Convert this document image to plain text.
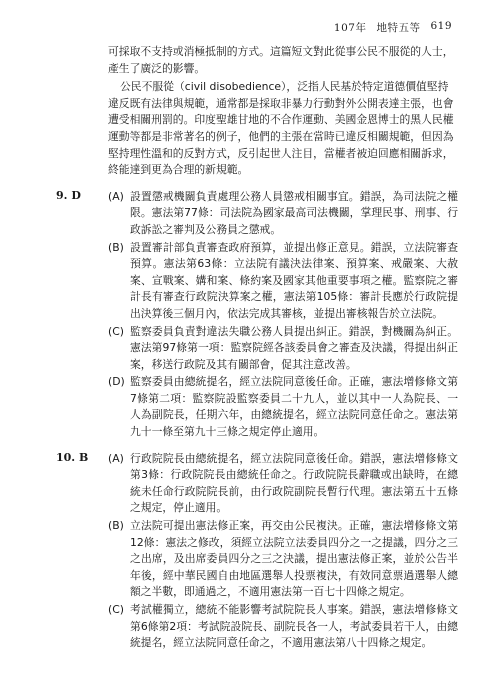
107年 地特五等 619

可採取不支持或消極抵制的方式。這篇短文對此從事公民不服從的人士，產生了廣泛的影響。

公民不服從（civil disobedience），泛指人民基於特定道德價值堅持違反既有法律與規範，通常都是採取非暴力行動對外公開表達主張，也會遭受相關刑罰的。印度聖雄甘地的不合作運動、美國金恩博士的黑人民權運動等都是非常著名的例子，他們的主張在當時已違反相關規範，但因為堅持理性溫和的反對方式，反引起世人注目，當權者被迫回應相關訴求，終能達到更為合理的新規範。

9. D	(A) 設置懲戒機關負責處理公務人員懲戒相關事宜。錯誤，為司法院之權限。憲法第77條：司法院為國家最高司法機關，掌理民事、刑事、行政訴訟之審判及公務員之懲戒。
(B) 設置審計部負責審查政府預算，並提出修正意見。錯誤，立法院審查預算。憲法第63條：立法院有議決法律案、預算案、戒嚴案、大赦案、宣戰案、媾和案、條約案及國家其他重要事項之權。監察院之審計長有審查行政院決算案之權，憲法第105條：審計長應於行政院提出決算後三個月內，依法完成其審核，並提出審核報告於立法院。
(C) 監察委員負責對違法失職公務人員提出糾正。錯誤，對機關為糾正。憲法第97條第一項：監察院經各該委員會之審查及決議，得提出糾正案，移送行政院及其有關部會，促其注意改善。
(D) 監察委員由總統提名，經立法院同意後任命。正確，憲法增修條文第7條第二項：監察院設監察委員二十九人，並以其中一人為院長、一人為副院長，任期六年，由總統提名，經立法院同意任命之。憲法第九十一條至第九十三條之規定停止適用。
10. B	(A) 行政院院長由總統提名，經立法院同意後任命。錯誤，憲法增修條文第3條：行政院院長由總統任命之。行政院院長辭職或出缺時，在總統未任命行政院院長前，由行政院副院長暫行代理。憲法第五十五條之規定，停止適用。
(B) 立法院可提出憲法修正案，再交由公民複決。正確，憲法增修條文第12條：憲法之修改，須經立法院立法委員四分之一之提議，四分之三之出席，及出席委員四分之三之決議，提出憲法修正案，並於公告半年後，經中華民國自由地區選舉人投票複決，有效同意票過選舉人總額之半數，即通過之，不適用憲法第一百七十四條之規定。
(C) 考試權獨立，總統不能影響考試院院長人事案。錯誤，憲法增修條文第6條第2項：考試院設院長、副院長各一人，考試委員若干人，由總統提名，經立法院同意任命之，不適用憲法第八十四條之規定。
